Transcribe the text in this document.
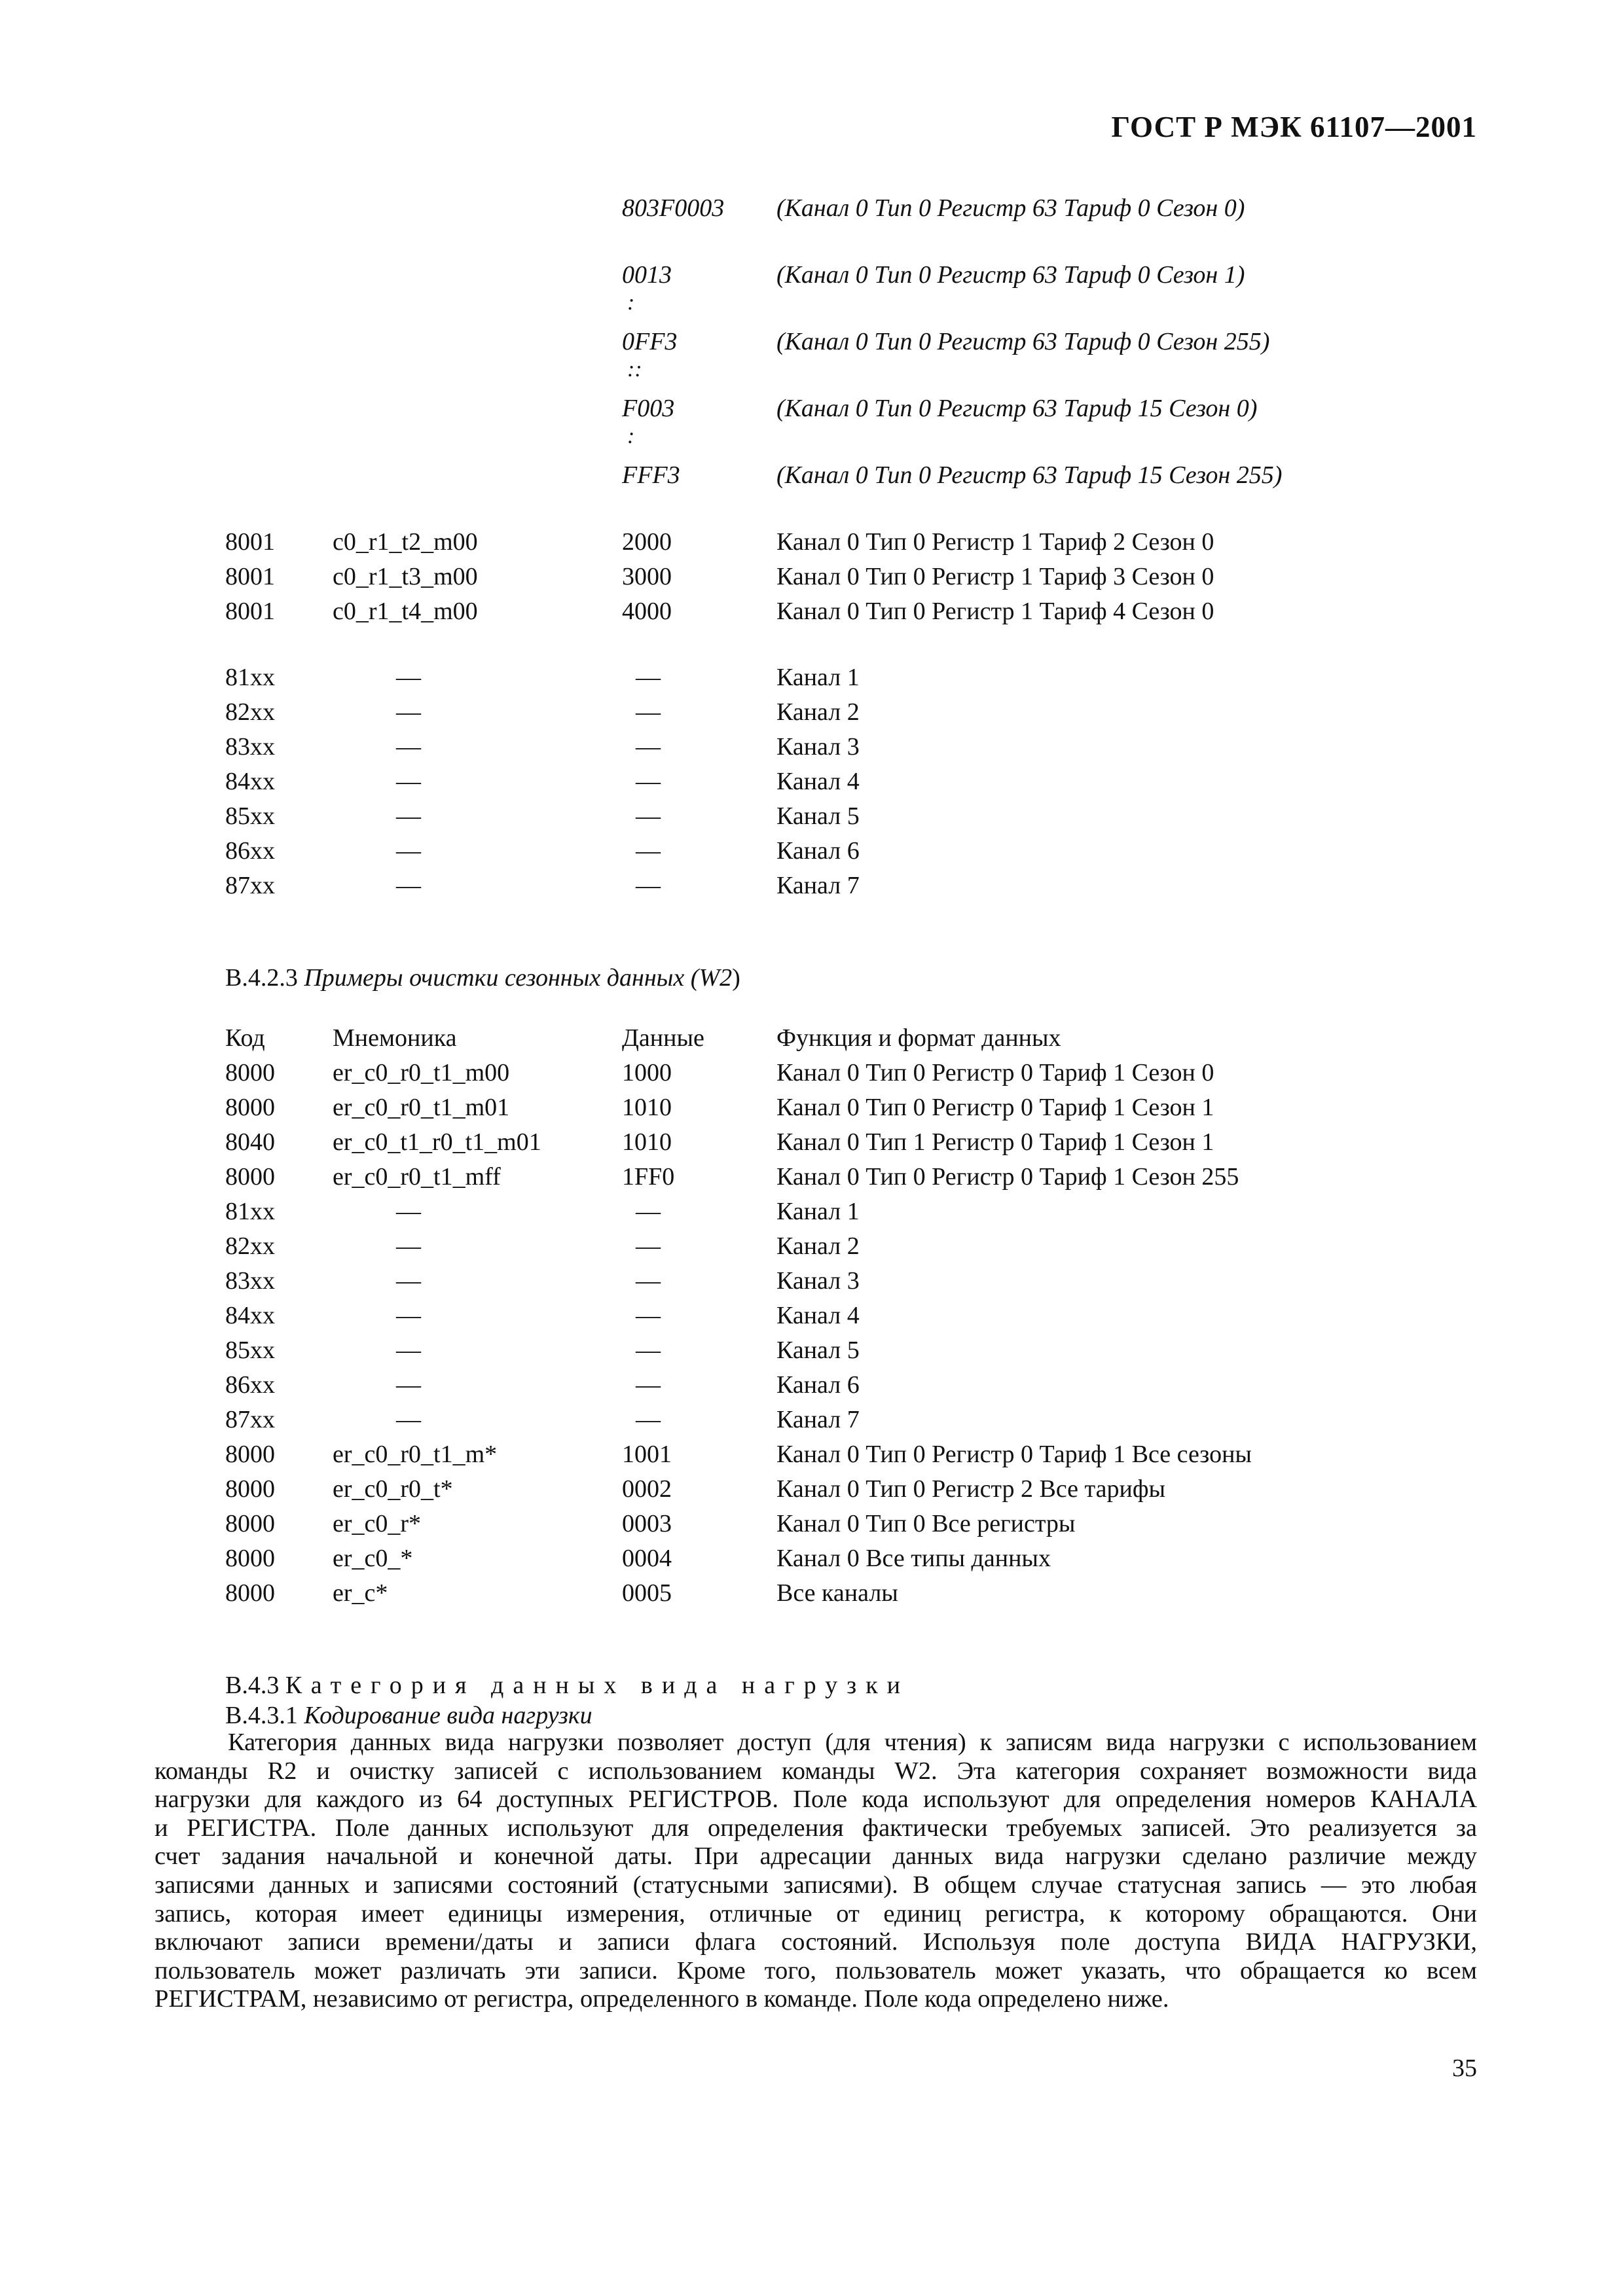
ГОСТ Р МЭК 61107—2001
803F0003 (Канал 0 Тип 0 Регистр 63 Тариф 0 Сезон 0)
0013	(Канал 0 Тип 0 Регистр 63 Тариф 0 Сезон 1)
:
0FF3	(Канал 0 Тип 0 Регистр 63 Тариф 0 Сезон 255)
::
F003	(Канал 0 Тип 0 Регистр 63 Тариф 15 Сезон 0)
:
FFF3	(Канал 0 Тип 0 Регистр 63 Тариф 15 Сезон 255)
8001 c0_r1_t2_m00	2000	Канал 0 Тип 0 Регистр 1 Тариф 2 Сезон 0
8001 c0_r1_t3_m00	3000	Канал 0 Тип 0 Регистр 1 Тариф 3 Сезон 0
8001 c0_r1_t4_m00	4000	Канал 0 Тип 0 Регистр 1 Тариф 4 Сезон 0
81xx	—	—	Канал 1
82xx	—	—	Канал 2
83xx	—	—	Канал 3
84xx	—	—	Канал 4
85xx	—	—	Канал 5
86xx	—	—	Канал 6
87xx	—	—	Канал 7
B.4.2.3 Примеры очистки сезонных данных (W2)
Код	Мнемоника	Данные	Функция и формат данных
8000 er_c0_r0_t1_m00	1000	Канал 0 Тип 0 Регистр 0 Тариф 1 Сезон 0
8000 er_c0_r0_t1_m01	1010	Канал 0 Тип 0 Регистр 0 Тариф 1 Сезон 1
8040 er_c0_t1_r0_t1_m01	1010	Канал 0 Тип 1 Регистр 0 Тариф 1 Сезон 1
8000 er_c0_r0_t1_mff	1FF0	Канал 0 Тип 0 Регистр 0 Тариф 1 Сезон 255
81xx	—	—	Канал 1
82xx	—	—	Канал 2
83xx	—	—	Канал 3
84xx	—	—	Канал 4
85xx	—	—	Канал 5
86xx	—	—	Канал 6
87xx	—	—	Канал 7
8000 er_c0_r0_t1_m*	1001	Канал 0 Тип 0 Регистр 0 Тариф 1 Все сезоны
8000 er_c0_r0_t*	0002	Канал 0 Тип 0 Регистр 2 Все тарифы
8000 er_c0_r*	0003	Канал 0 Тип 0 Все регистры
8000 er_c0_*	0004	Канал 0 Все типы данных
8000 er_c*	0005	Все каналы
B.4.3 Категория данных вида нагрузки
B.4.3.1 Кодирование вида нагрузки
Категория данных вида нагрузки позволяет доступ (для чтения) к записям вида нагрузки с использованием
команды R2 и очистку записей с использованием команды W2. Эта категория сохраняет возможности вида
нагрузки для каждого из 64 доступных РЕГИСТРОВ. Поле кода используют для определения номеров КАНАЛА
и РЕГИСТРА. Поле данных используют для определения фактически требуемых записей. Это реализуется за
счет задания начальной и конечной даты. При адресации данных вида нагрузки сделано различие между
записями данных и записями состояний (статусными записями). В общем случае статусная запись — это любая
запись, которая имеет единицы измерения, отличные от единиц регистра, к которому обращаются. Они
включают записи времени/даты и записи флага состояний. Используя поле доступа ВИДА НАГРУЗКИ,
пользователь может различать эти записи. Кроме того, пользователь может указать, что обращается ко всем
РЕГИСТРАМ, независимо от регистра, определенного в команде. Поле кода определено ниже.
35
